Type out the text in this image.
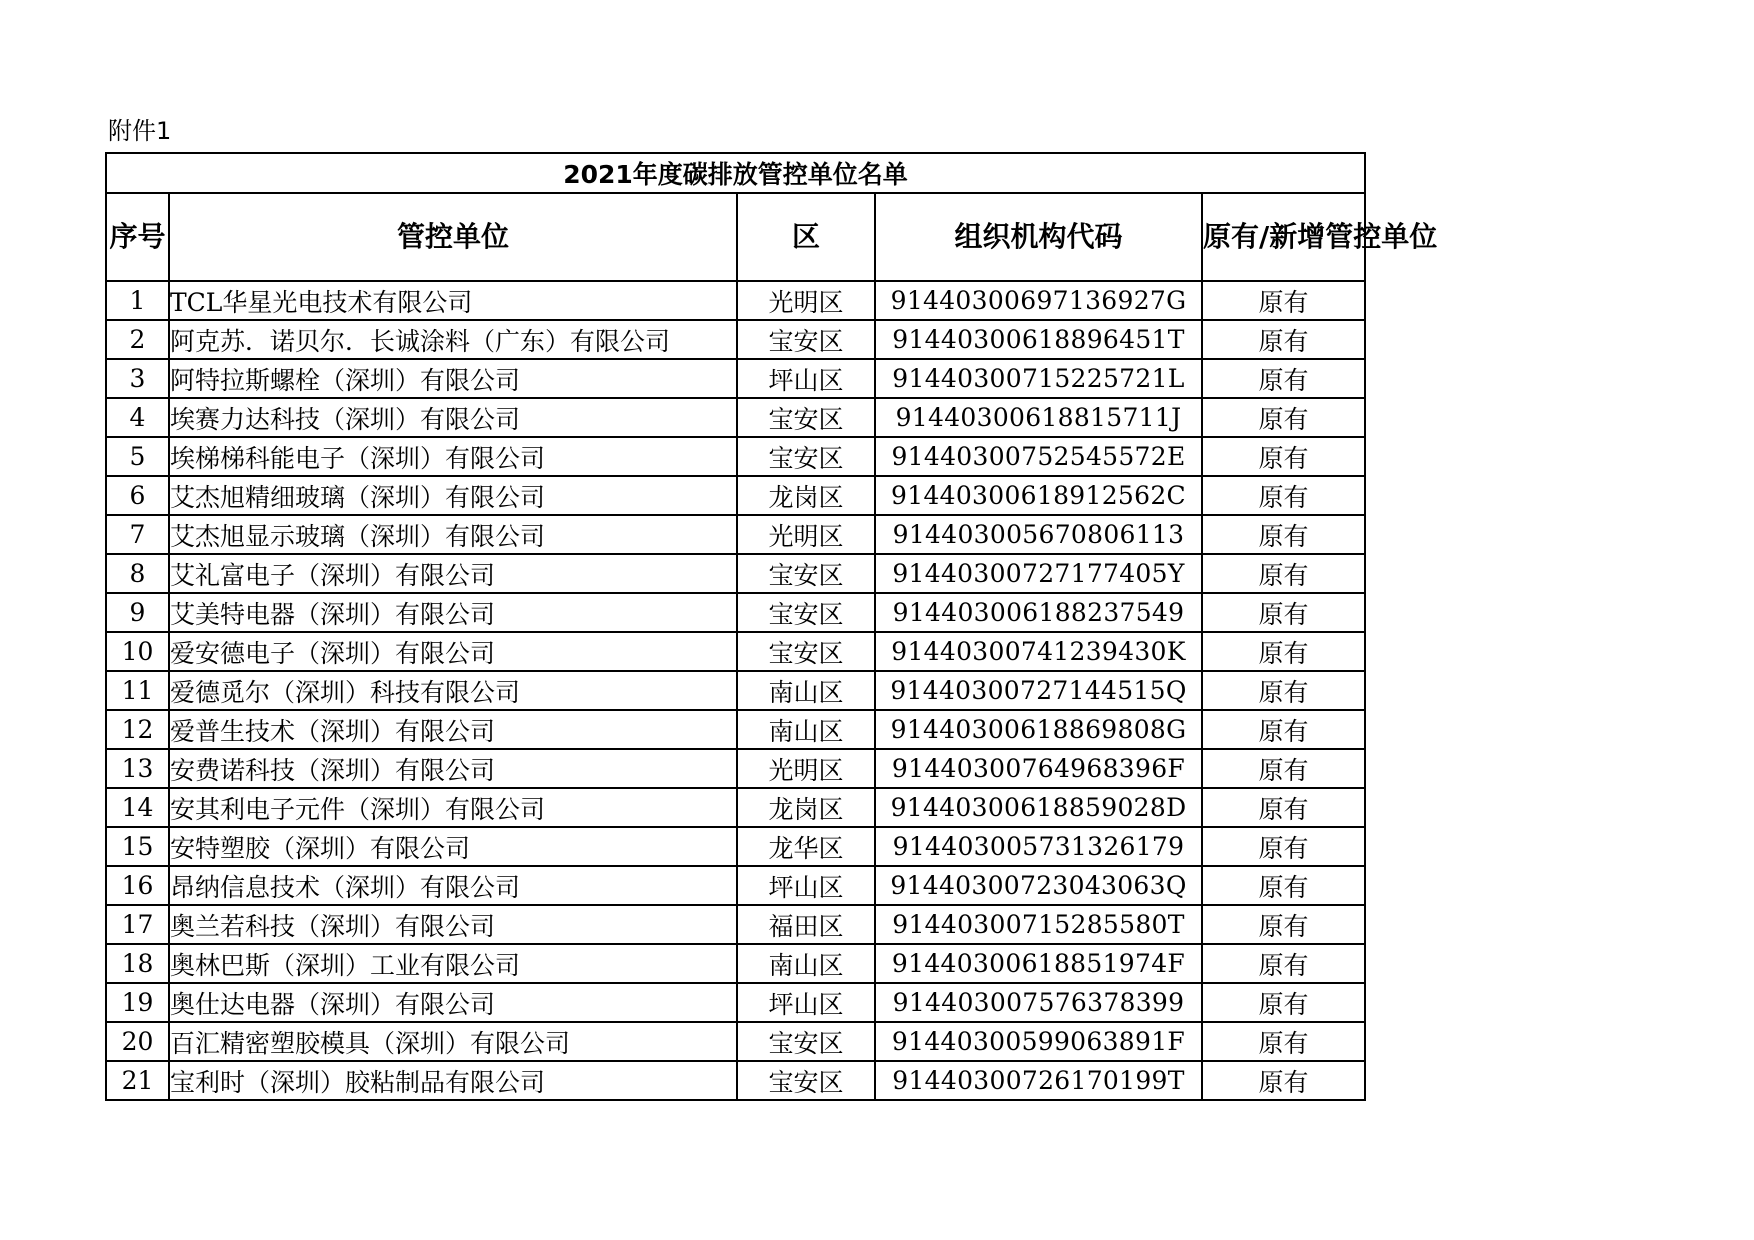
附件1
2021年度碳排放管控单位名单				
序号	管控单位	区	组织机构代码	原有/新增管控单位
1	TCL华星光电技术有限公司	光明区	91440300697136927G	原有
2	阿克苏．诺贝尔．长诚涂料（广东）有限公司	宝安区	91440300618896451T	原有
3	阿特拉斯螺栓（深圳）有限公司	坪山区	91440300715225721L	原有
4	埃赛力达科技（深圳）有限公司	宝安区	91440300618815711J	原有
5	埃梯梯科能电子（深圳）有限公司	宝安区	91440300752545572E	原有
6	艾杰旭精细玻璃（深圳）有限公司	龙岗区	91440300618912562C	原有
7	艾杰旭显示玻璃（深圳）有限公司	光明区	914403005670806113	原有
8	艾礼富电子（深圳）有限公司	宝安区	91440300727177405Y	原有
9	艾美特电器（深圳）有限公司	宝安区	914403006188237549	原有
10	爱安德电子（深圳）有限公司	宝安区	91440300741239430K	原有
11	爱德觅尔（深圳）科技有限公司	南山区	91440300727144515Q	原有
12	爱普生技术（深圳）有限公司	南山区	91440300618869808G	原有
13	安费诺科技（深圳）有限公司	光明区	91440300764968396F	原有
14	安其利电子元件（深圳）有限公司	龙岗区	91440300618859028D	原有
15	安特塑胶（深圳）有限公司	龙华区	914403005731326179	原有
16	昂纳信息技术（深圳）有限公司	坪山区	91440300723043063Q	原有
17	奥兰若科技（深圳）有限公司	福田区	91440300715285580T	原有
18	奥林巴斯（深圳）工业有限公司	南山区	91440300618851974F	原有
19	奥仕达电器（深圳）有限公司	坪山区	914403007576378399	原有
20	百汇精密塑胶模具（深圳）有限公司	宝安区	91440300599063891F	原有
21	宝利时（深圳）胶粘制品有限公司	宝安区	91440300726170199T	原有
